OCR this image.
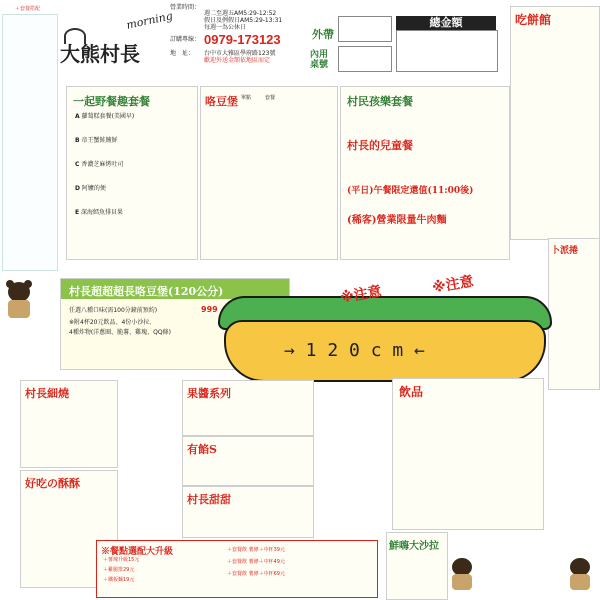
＋套餐搭配
大熊村長
morning
營業時間：
週二至週五AM5:29-12:52
假日及例假日AM5:29-13:31
每週一為公休日
訂購專線： 0979-173123
地　址： 台中市大雅區學府路123號
歡迎外送金額依地區而定
外帶
內用
桌號
總金額	吃餅館
一起野餐趣套餐
A 蘿蔔糕套餐(美國早)
B 帝王蟹鮭鮪鮮
C 香濃芝麻烤吐司
D 阿嬤的便
E 深海鱈魚排貝果
咯豆堡 單點	套餐	村民孩樂套餐
村長的兒童餐
(平日)午餐限定還值(11:00後)
(稀客)營業限量牛肉麵
卜派捲
村長超超超長咯豆堡(120公分)
任選八種口味(需100分鐘前預約)	999
※附4杯20元飲品、4份小沙拉、
4種炸物(洋蔥圈、脆薯、雞塊、QQ條)
→ 1 2 0 c m ←
※注意	※注意
村長細燒
好吃の酥酥
果醬系列
有餡S
村長甜甜
飲品
鮮嗨大沙拉
※餐點選配大升級
＋薯塊升級15元
＋雞腿排29元
＋鐵板麵19元
＋套餐飲 薯條＋中杯39元
＋套餐飲 薯條＋中杯49元
＋套餐飲 薯條＋中杯69元
